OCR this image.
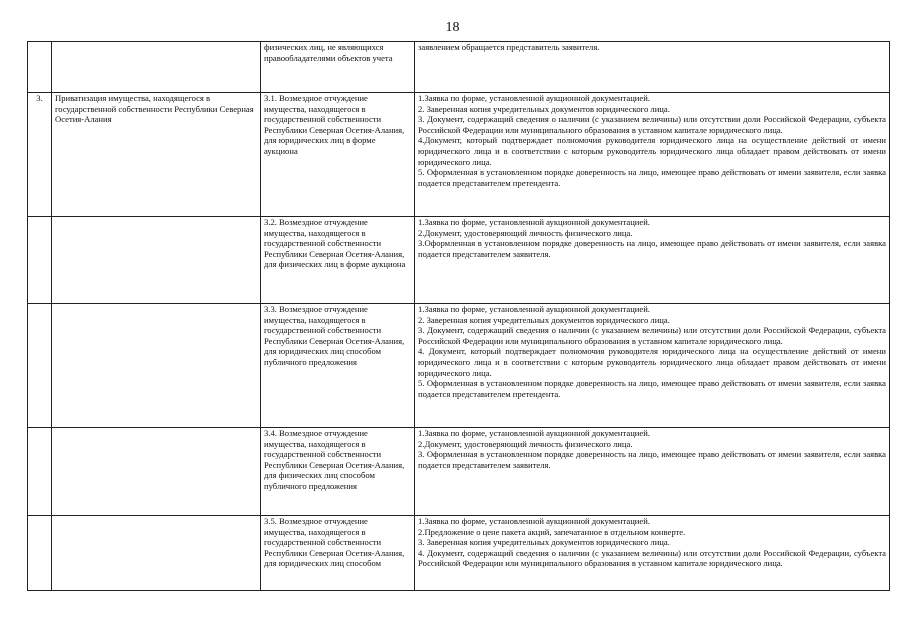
18
		физических лиц, не являющихся правообладателями объектов учета	заявлением обращается представитель заявителя.

3.	Приватизация имущества, находящегося в государственной собственности Республики Северная Осетия-Алания	3.1. Возмездное отчуждение имущества, находящегося в государственной собственности Республики Северная Осетия-Алания, для юридических лиц в форме аукциона	1.Заявка по форме, установленной аукционной документацией.
2. Заверенная копия учредительных документов юридического лица.
3. Документ, содержащий сведения о наличии (с указанием величины) или отсутствии доли Российской Федерации, субъекта Российской Федерации или муниципального образования в уставном капитале юридического лица.
4.Документ, который подтверждает полномочия руководителя юридического лица на осуществление действий от имени юридического лица и в соответствии с которым руководитель юридического лица обладает правом действовать от имени юридического лица.
5. Оформленная в установленном порядке доверенность на лицо, имеющее право действовать от имени заявителя, если заявка подается представителем претендента.

		3.2. Возмездное отчуждение имущества, находящегося в государственной собственности Республики Северная Осетия-Алания, для физических лиц в форме аукциона	1.Заявка по форме, установленной аукционной документацией.
2.Документ, удостоверяющий личность физического лица.
3.Оформленная в установленном порядке доверенность на лицо, имеющее право действовать от имени заявителя, если заявка подается представителем заявителя.

		3.3. Возмездное отчуждение имущества, находящегося в государственной собственности Республики Северная Осетия-Алания, для юридических лиц способом публичного предложения	1.Заявка по форме, установленной аукционной документацией.
2. Заверенная копия учредительных документов юридического лица.
3. Документ, содержащий сведения о наличии (с указанием величины) или отсутствии доли Российской Федерации, субъекта Российской Федерации или муниципального образования в уставном капитале юридического лица.
4. Документ, который подтверждает полномочия руководителя юридического лица на осуществление действий от имени юридического лица и в соответствии с которым руководитель юридического лица обладает правом действовать от имени юридического лица.
5. Оформленная в установленном порядке доверенность на лицо, имеющее право действовать от имени заявителя, если заявка подается представителем претендента.

		3.4. Возмездное отчуждение имущества, находящегося в государственной собственности Республики Северная Осетия-Алания, для физических лиц способом публичного предложения	1.Заявка по форме, установленной аукционной документацией.
2.Документ, удостоверяющий личность физического лица.
3. Оформленная в установленном порядке доверенность на лицо, имеющее право действовать от имени заявителя, если заявка подается представителем заявителя.

		3.5. Возмездное отчуждение имущества, находящегося в государственной собственности Республики Северная Осетия-Алания, для юридических лиц способом	1.Заявка по форме, установленной аукционной документацией.
2.Предложение о цене пакета акций, запечатанное в отдельном конверте.
3. Заверенная копия учредительных документов юридического лица.
4. Документ, содержащий сведения о наличии (с указанием величины) или отсутствии доли Российской Федерации, субъекта Российской Федерации или муниципального образования в уставном капитале юридического лица.
